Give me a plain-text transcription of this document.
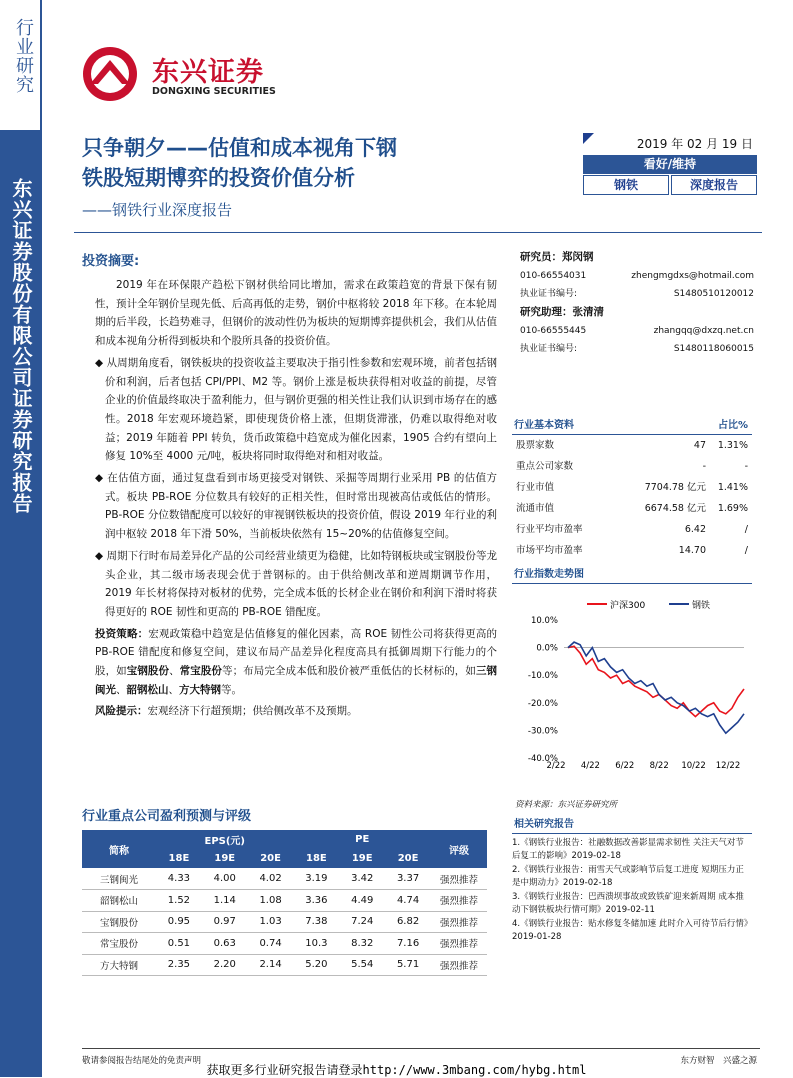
行业研究
东兴证券股份有限公司证券研究报告
东兴证券
DONGXING SECURITIES
只争朝夕——估值和成本视角下钢
铁股短期博弈的投资价值分析
——钢铁行业深度报告
2019 年 02 月 19 日
看好/维持
钢铁	深度报告
投资摘要:

2019 年在环保限产趋松下钢材供给同比增加，需求在政策趋宽的背景下保有韧性，预计全年钢价呈现先低、后高再低的走势，钢价中枢将较 2018 年下移。在本轮周期的后半段，长趋势难寻，但钢价的波动性仍为板块的短期博弈提供机会，我们从估值和成本视角分析得到板块和个股所具备的投资价值。

◆ 从周期角度看，钢铁板块的投资收益主要取决于指引性参数和宏观环境，前者包括钢价和利润，后者包括 CPI/PPI、M2 等。钢价上涨是板块获得相对收益的前提，尽管企业的价值最终取决于盈利能力，但与钢价更强的相关性让我们认识到市场存在的感性。2018 年宏观环境趋紧，即使现货价格上涨，但期货滞涨，仍难以取得绝对收益；2019 年随着 PPI 转负，货币政策稳中趋宽成为催化因素，1905 合约有望向上修复 10%至 4000 元/吨，板块将同时取得绝对和相对收益。

◆ 在估值方面，通过复盘看到市场更接受对钢铁、采掘等周期行业采用 PB 的估值方式。板块 PB-ROE 分位数具有较好的正相关性，但时常出现被高估或低估的情形。PB-ROE 分位数错配度可以较好的审视钢铁板块的投资价值，假设 2019 年行业的利润中枢较 2018 年下滑 50%，当前板块依然有 15~20%的估值修复空间。

◆ 周期下行时布局差异化产品的公司经营业绩更为稳健，比如特钢板块或宝钢股份等龙头企业，其二级市场表现会优于普钢标的。由于供给侧改革和逆周期调节作用，2019 年长材将保持对板材的优势，完全成本低的长材企业在钢价和利润下滑时将获得更好的 ROE 韧性和更高的 PB-ROE 错配度。

投资策略：宏观政策稳中趋宽是估值修复的催化因素，高 ROE 韧性公司将获得更高的 PB-ROE 错配度和修复空间，建议布局产品差异化程度高具有抵御周期下行能力的个股，如宝钢股份、常宝股份等；布局完全成本低和股价被严重低估的长材标的，如三钢闽光、韶钢松山、方大特钢等。

风险提示：宏观经济下行超预期；供给侧改革不及预期。

研究员：郑闵钢
010-66554031	zhengmgdxs@hotmail.com
执业证书编号:	S1480510120012
研究助理：张清清
010-66555445	zhangqq@dxzq.net.cn
执业证书编号:	S1480118060015
行业基本资料	占比%
股票家数	47	1.31%
重点公司家数	-	-
行业市值	7704.78 亿元	1.41%
流通市值	6674.58 亿元	1.69%
行业平均市盈率	6.42	/
市场平均市盈率	14.70	/
行业指数走势图
沪深300	钢铁
10.0%
0.0%
-10.0%
-20.0%
-30.0%
-40.0%
2/22 4/22 6/22 8/22 10/22 12/22
资料来源：东兴证券研究所
相关研究报告
1.《钢铁行业报告：社融数据改善影显需求韧性 关注天气对节后复工的影响》2019-02-18
2.《钢铁行业报告：雨雪天气或影响节后复工进度 短期压力正是中期动力》2019-02-18
3.《钢铁行业报告：巴西溃坝事故或致铁矿迎来新周期 成本推动下钢铁板块行情可期》2019-02-11
4.《钢铁行业报告：贴水修复冬储加速 此时介入可待节后行情》2019-01-28
行业重点公司盈利预测与评级
简称	EPS(元)			PE			评级
	18E	19E	20E	18E	19E	20E	
三钢闽光	4.33	4.00	4.02	3.19	3.42	3.37	强烈推荐
韶钢松山	1.52	1.14	1.08	3.36	4.49	4.74	强烈推荐
宝钢股份	0.95	0.97	1.03	7.38	7.24	6.82	强烈推荐
常宝股份	0.51	0.63	0.74	10.3	8.32	7.16	强烈推荐
方大特钢	2.35	2.20	2.14	5.20	5.54	5.71	强烈推荐
敬请参阅报告结尾处的免责声明	东方财智　兴盛之源
获取更多行业研究报告请登录http://www.3mbang.com/hybg.html
